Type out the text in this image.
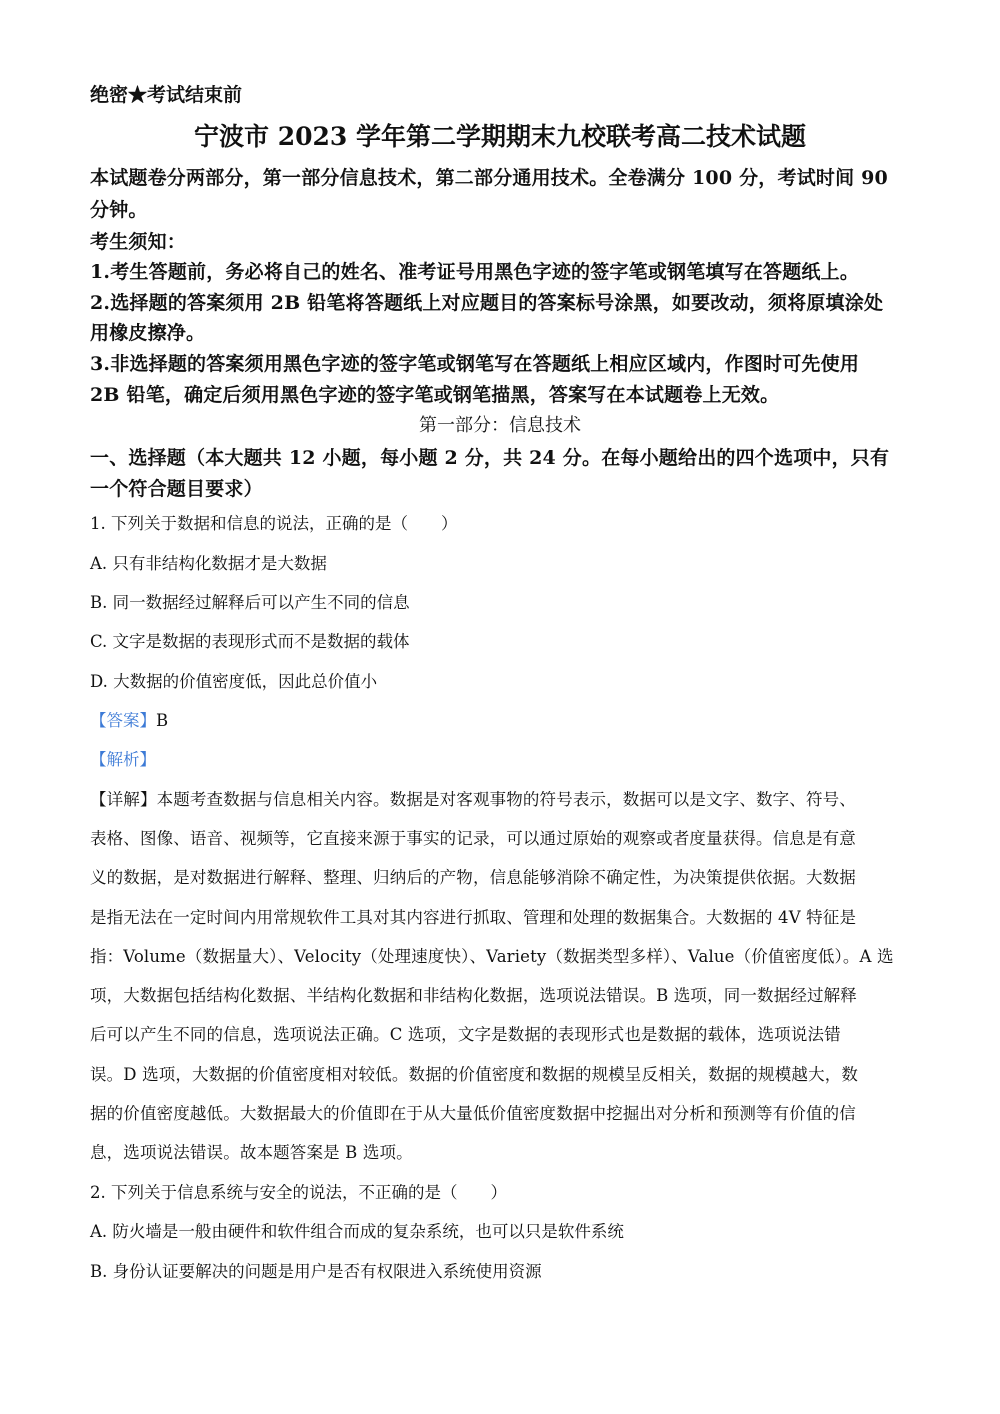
绝密★考试结束前
宁波市 2023 学年第二学期期末九校联考高二技术试题
本试题卷分两部分，第一部分信息技术，第二部分通用技术。全卷满分 100 分，考试时间 90
分钟。
考生须知：
1.考生答题前，务必将自己的姓名、准考证号用黑色字迹的签字笔或钢笔填写在答题纸上。
2.选择题的答案须用 2B 铅笔将答题纸上对应题目的答案标号涂黑，如要改动，须将原填涂处
用橡皮擦净。
3.非选择题的答案须用黑色字迹的签字笔或钢笔写在答题纸上相应区域内，作图时可先使用
2B 铅笔，确定后须用黑色字迹的签字笔或钢笔描黑，答案写在本试题卷上无效。
第一部分：信息技术
一、选择题（本大题共 12 小题，每小题 2 分，共 24 分。在每小题给出的四个选项中，只有
一个符合题目要求）
1. 下列关于数据和信息的说法，正确的是（　　）
A. 只有非结构化数据才是大数据
B. 同一数据经过解释后可以产生不同的信息
C. 文字是数据的表现形式而不是数据的载体
D. 大数据的价值密度低，因此总价值小
【答案】B
【解析】
【详解】本题考查数据与信息相关内容。数据是对客观事物的符号表示，数据可以是文字、数字、符号、
表格、图像、语音、视频等，它直接来源于事实的记录，可以通过原始的观察或者度量获得。信息是有意
义的数据，是对数据进行解释、整理、归纳后的产物，信息能够消除不确定性，为决策提供依据。大数据
是指无法在一定时间内用常规软件工具对其内容进行抓取、管理和处理的数据集合。大数据的 4V 特征是
指：Volume（数据量大）、Velocity（处理速度快）、Variety（数据类型多样）、Value（价值密度低）。A 选
项，大数据包括结构化数据、半结构化数据和非结构化数据，选项说法错误。B 选项，同一数据经过解释
后可以产生不同的信息，选项说法正确。C 选项，文字是数据的表现形式也是数据的载体，选项说法错
误。D 选项，大数据的价值密度相对较低。数据的价值密度和数据的规模呈反相关，数据的规模越大，数
据的价值密度越低。大数据最大的价值即在于从大量低价值密度数据中挖掘出对分析和预测等有价值的信
息，选项说法错误。故本题答案是 B 选项。
2. 下列关于信息系统与安全的说法，不正确的是（　　）
A. 防火墙是一般由硬件和软件组合而成的复杂系统，也可以只是软件系统
B. 身份认证要解决的问题是用户是否有权限进入系统使用资源
